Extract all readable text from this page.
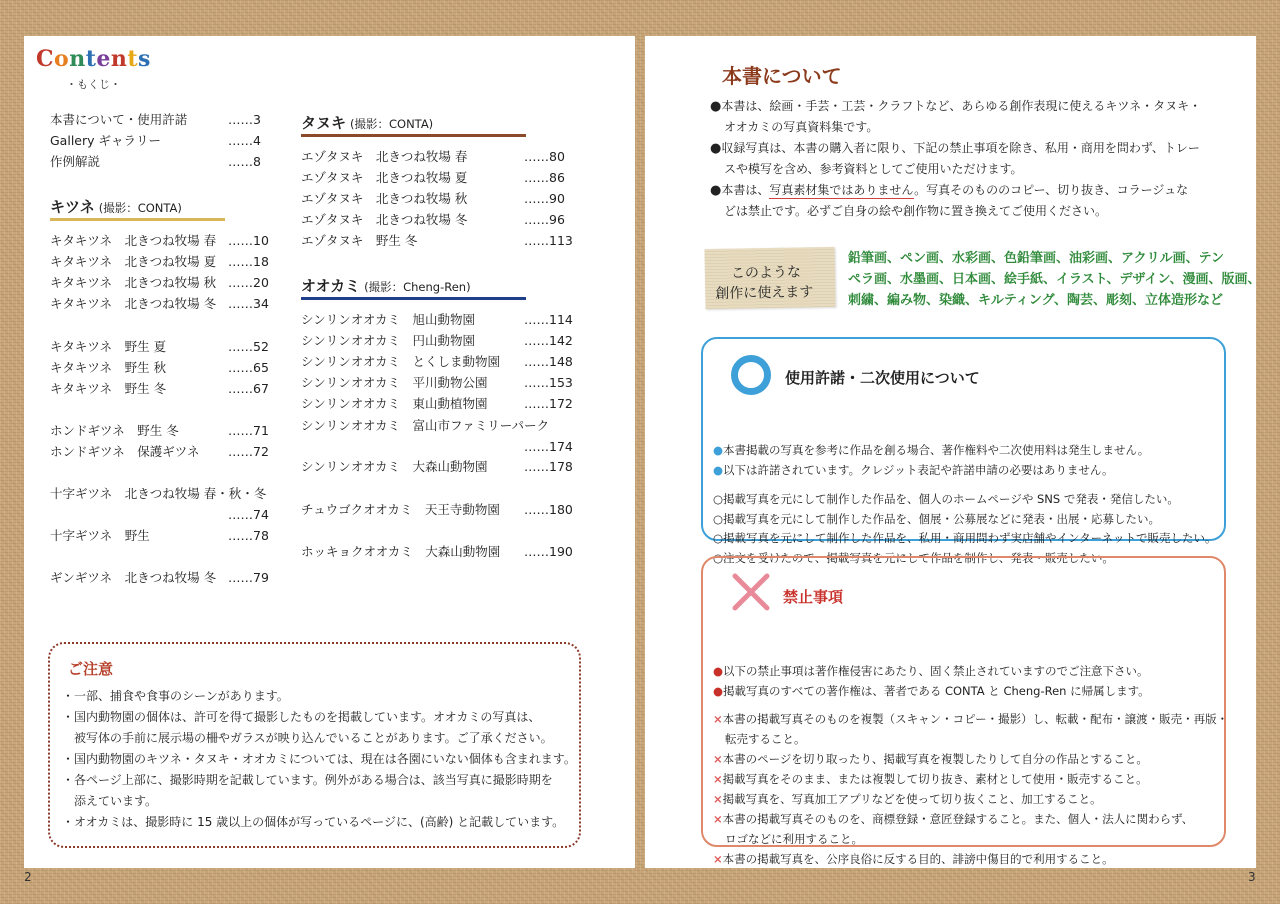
Contents
・もくじ・
本書について・使用許諾	……3
Gallery ギャラリー	……4
作例解説	……8
キツネ (撮影：CONTA)
キタキツネ　北きつね牧場 春 ……10
キタキツネ　北きつね牧場 夏 ……18
キタキツネ　北きつね牧場 秋 ……20
キタキツネ　北きつね牧場 冬 ……34
キタキツネ　野生 夏	……52
キタキツネ　野生 秋	……65
キタキツネ　野生 冬	……67
ホンドギツネ　野生 冬	……71
ホンドギツネ　保護ギツネ ……72
十字ギツネ　北きつね牧場 春・秋・冬
……74
十字ギツネ　野生	……78
ギンギツネ　北きつね牧場 冬 ……79
タヌキ (撮影：CONTA)
エゾタヌキ　北きつね牧場 春	……80
エゾタヌキ　北きつね牧場 夏	……86
エゾタヌキ　北きつね牧場 秋	……90
エゾタヌキ　北きつね牧場 冬	……96
エゾタヌキ　野生 冬	……113
オオカミ (撮影：Cheng-Ren)
シンリンオオカミ　旭山動物園	……114
シンリンオオカミ　円山動物園	……142
シンリンオオカミ　とくしま動物園 ……148
シンリンオオカミ　平川動物公園	……153
シンリンオオカミ　東山動植物園	……172
シンリンオオカミ　富山市ファミリーパーク
……174
シンリンオオカミ　大森山動物園	……178
チュウゴクオオカミ　天王寺動物園 ……180
ホッキョクオオカミ　大森山動物園 ……190
ご注意
・一部、捕食や食事のシーンがあります。
・国内動物園の個体は、許可を得て撮影したものを掲載しています。オオカミの写真は、
　被写体の手前に展示場の柵やガラスが映り込んでいることがあります。ご了承ください。
・国内動物園のキツネ・タヌキ・オオカミについては、現在は各園にいない個体も含まれます。
・各ページ上部に、撮影時期を記載しています。例外がある場合は、該当写真に撮影時期を
　添えています。
・オオカミは、撮影時に 15 歳以上の個体が写っているページに、(高齢) と記載しています。
2
本書について
●本書は、絵画・手芸・工芸・クラフトなど、あらゆる創作表現に使えるキツネ・タヌキ・
オオカミの写真資料集です。
●収録写真は、本書の購入者に限り、下記の禁止事項を除き、私用・商用を問わず、トレー
スや模写を含め、参考資料としてご使用いただけます。
●本書は、写真素材集ではありません。写真そのもののコピー、切り抜き、コラージュな
どは禁止です。必ずご自身の絵や創作物に置き換えてご使用ください。
このような
創作に使えます
鉛筆画、ペン画、水彩画、色鉛筆画、油彩画、アクリル画、テン
ペラ画、水墨画、日本画、絵手紙、イラスト、デザイン、漫画、版画、
刺繍、編み物、染織、キルティング、陶芸、彫刻、立体造形など
使用許諾・二次使用について
●本書掲載の写真を参考に作品を創る場合、著作権料や二次使用料は発生しません。
●以下は許諾されています。クレジット表記や許諾申請の必要はありません。
○掲載写真を元にして制作した作品を、個人のホームページや SNS で発表・発信したい。
○掲載写真を元にして制作した作品を、個展・公募展などに発表・出展・応募したい。
○掲載写真を元にして制作した作品を、私用・商用問わず実店舗やインターネットで販売したい。
○注文を受けたので、掲載写真を元にして作品を制作し、発表・販売したい。
禁止事項
●以下の禁止事項は著作権侵害にあたり、固く禁止されていますのでご注意下さい。
●掲載写真のすべての著作権は、著者である CONTA と Cheng-Ren に帰属します。
×本書の掲載写真そのものを複製（スキャン・コピー・撮影）し、転載・配布・譲渡・販売・再版・
転売すること。
×本書のページを切り取ったり、掲載写真を複製したりして自分の作品とすること。
×掲載写真をそのまま、または複製して切り抜き、素材として使用・販売すること。
×掲載写真を、写真加工アプリなどを使って切り抜くこと、加工すること。
×本書の掲載写真そのものを、商標登録・意匠登録すること。また、個人・法人に関わらず、
ロゴなどに利用すること。
×本書の掲載写真を、公序良俗に反する目的、誹謗中傷目的で利用すること。
3
